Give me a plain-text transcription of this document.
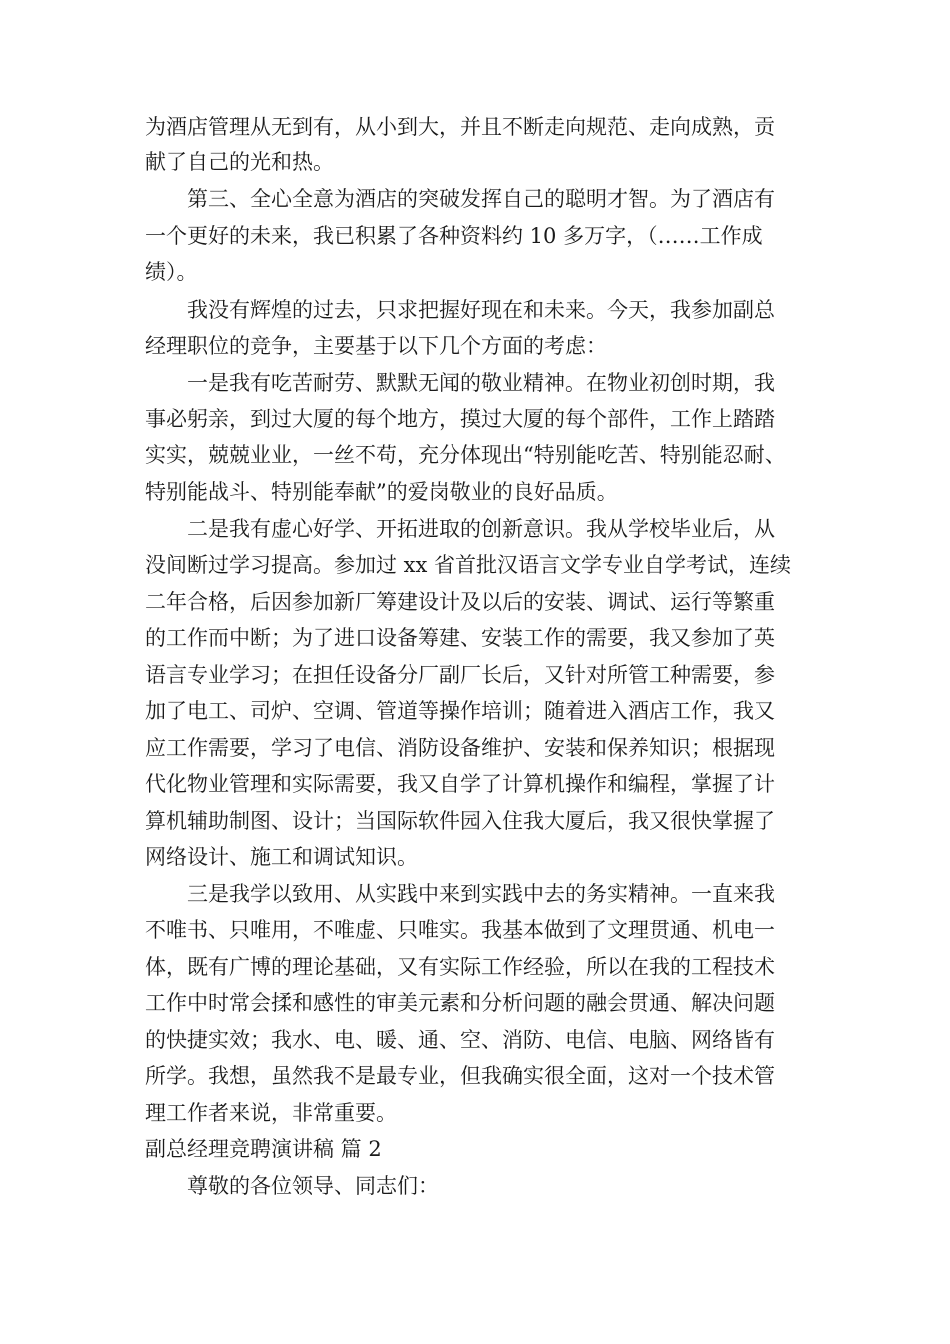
为酒店管理从无到有，从小到大，并且不断走向规范、走向成熟，贡
献了自己的光和热。
第三、全心全意为酒店的突破发挥自己的聪明才智。为了酒店有
一个更好的未来，我已积累了各种资料约 10 多万字，（……工作成
绩）。
我没有辉煌的过去，只求把握好现在和未来。今天，我参加副总
经理职位的竞争，主要基于以下几个方面的考虑：
一是我有吃苦耐劳、默默无闻的敬业精神。在物业初创时期，我
事必躬亲，到过大厦的每个地方，摸过大厦的每个部件，工作上踏踏
实实，兢兢业业，一丝不苟，充分体现出“特别能吃苦、特别能忍耐、
特别能战斗、特别能奉献”的爱岗敬业的良好品质。
二是我有虚心好学、开拓进取的创新意识。我从学校毕业后，从
没间断过学习提高。参加过 xx 省首批汉语言文学专业自学考试，连续
二年合格，后因参加新厂筹建设计及以后的安装、调试、运行等繁重
的工作而中断；为了进口设备筹建、安装工作的需要，我又参加了英
语言专业学习；在担任设备分厂副厂长后，又针对所管工种需要，参
加了电工、司炉、空调、管道等操作培训；随着进入酒店工作，我又
应工作需要，学习了电信、消防设备维护、安装和保养知识；根据现
代化物业管理和实际需要，我又自学了计算机操作和编程，掌握了计
算机辅助制图、设计；当国际软件园入住我大厦后，我又很快掌握了
网络设计、施工和调试知识。
三是我学以致用、从实践中来到实践中去的务实精神。一直来我
不唯书、只唯用，不唯虚、只唯实。我基本做到了文理贯通、机电一
体，既有广博的理论基础，又有实际工作经验，所以在我的工程技术
工作中时常会揉和感性的审美元素和分析问题的融会贯通、解决问题
的快捷实效；我水、电、暖、通、空、消防、电信、电脑、网络皆有
所学。我想，虽然我不是最专业，但我确实很全面，这对一个技术管
理工作者来说，非常重要。
副总经理竞聘演讲稿 篇 2
尊敬的各位领导、同志们：
